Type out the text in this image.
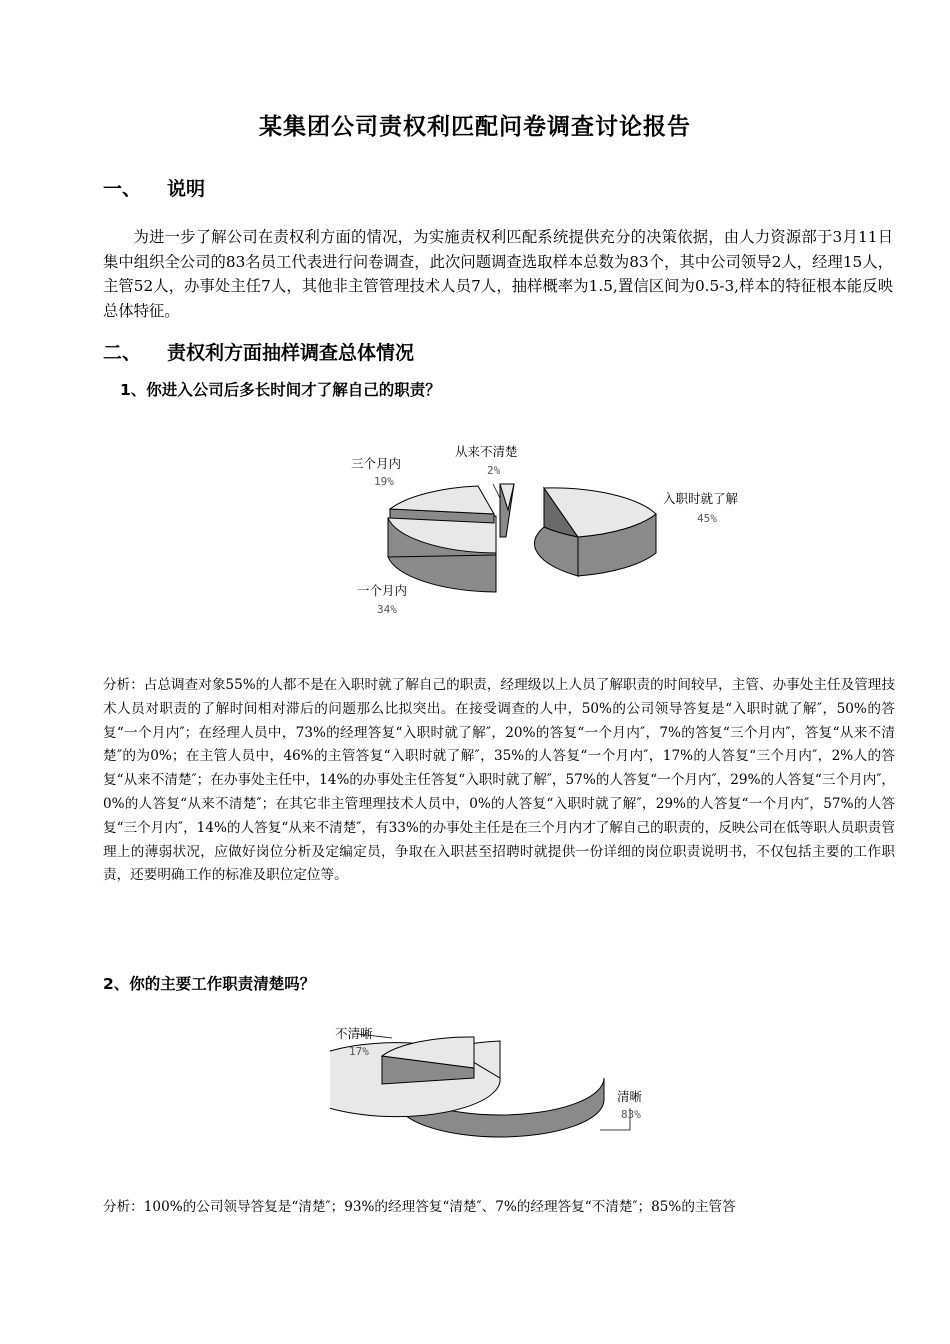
某集团公司责权利匹配问卷调查讨论报告
一、 说明

为进一步了解公司在责权利方面的情况，为实施责权利匹配系统提供充分的决策依据，由人力资源部于3月11日集中组织全公司的83名员工代表进行问卷调查，此次问题调查选取样本总数为83个，其中公司领导2人，经理15人，主管52人，办事处主任7人，其他非主管管理技术人员7人，抽样概率为1.5,置信区间为0.5-3,样本的特征根本能反映总体特征。

二、 责权利方面抽样调查总体情况
1、你进入公司后多长时间才了解自己的职责？
三个月内
19%
从来不清楚
2%
入职时就了解
45%
一个月内
34%
分析：占总调查对象55%的人都不是在入职时就了解自己的职责，经理级以上人员了解职责的时间较早，主管、办事处主任及管理技术人员对职责的了解时间相对滞后的问题那么比拟突出。在接受调查的人中，50%的公司领导答复是“入职时就了解″，50%的答复“一个月内″；在经理人员中，73%的经理答复“入职时就了解″，20%的答复“一个月内″，7%的答复“三个月内″，答复“从来不清楚″的为0%；在主管人员中，46%的主管答复“入职时就了解″，35%的人答复“一个月内″，17%的人答复“三个月内″，2%人的答复“从来不清楚″；在办事处主任中，14%的办事处主任答复“入职时就了解″，57%的人答复“一个月内″，29%的人答复“三个月内″，0%的人答复“从来不清楚″；在其它非主管理理技术人员中，0%的人答复“入职时就了解″，29%的人答复“一个月内″，57%的人答复“三个月内″，14%的人答复“从来不清楚″，有33%的办事处主任是在三个月内才了解自己的职责的，反映公司在低等职人员职责管理上的薄弱状况，应做好岗位分析及定编定员，争取在入职甚至招聘时就提供一份详细的岗位职责说明书，不仅包括主要的工作职责，还要明确工作的标准及职位定位等。
2、你的主要工作职责清楚吗？
不清晰
17%
清晰
83%
分析：100%的公司领导答复是“清楚″；93%的经理答复“清楚″、7%的经理答复“不清楚″；85%的主管答
